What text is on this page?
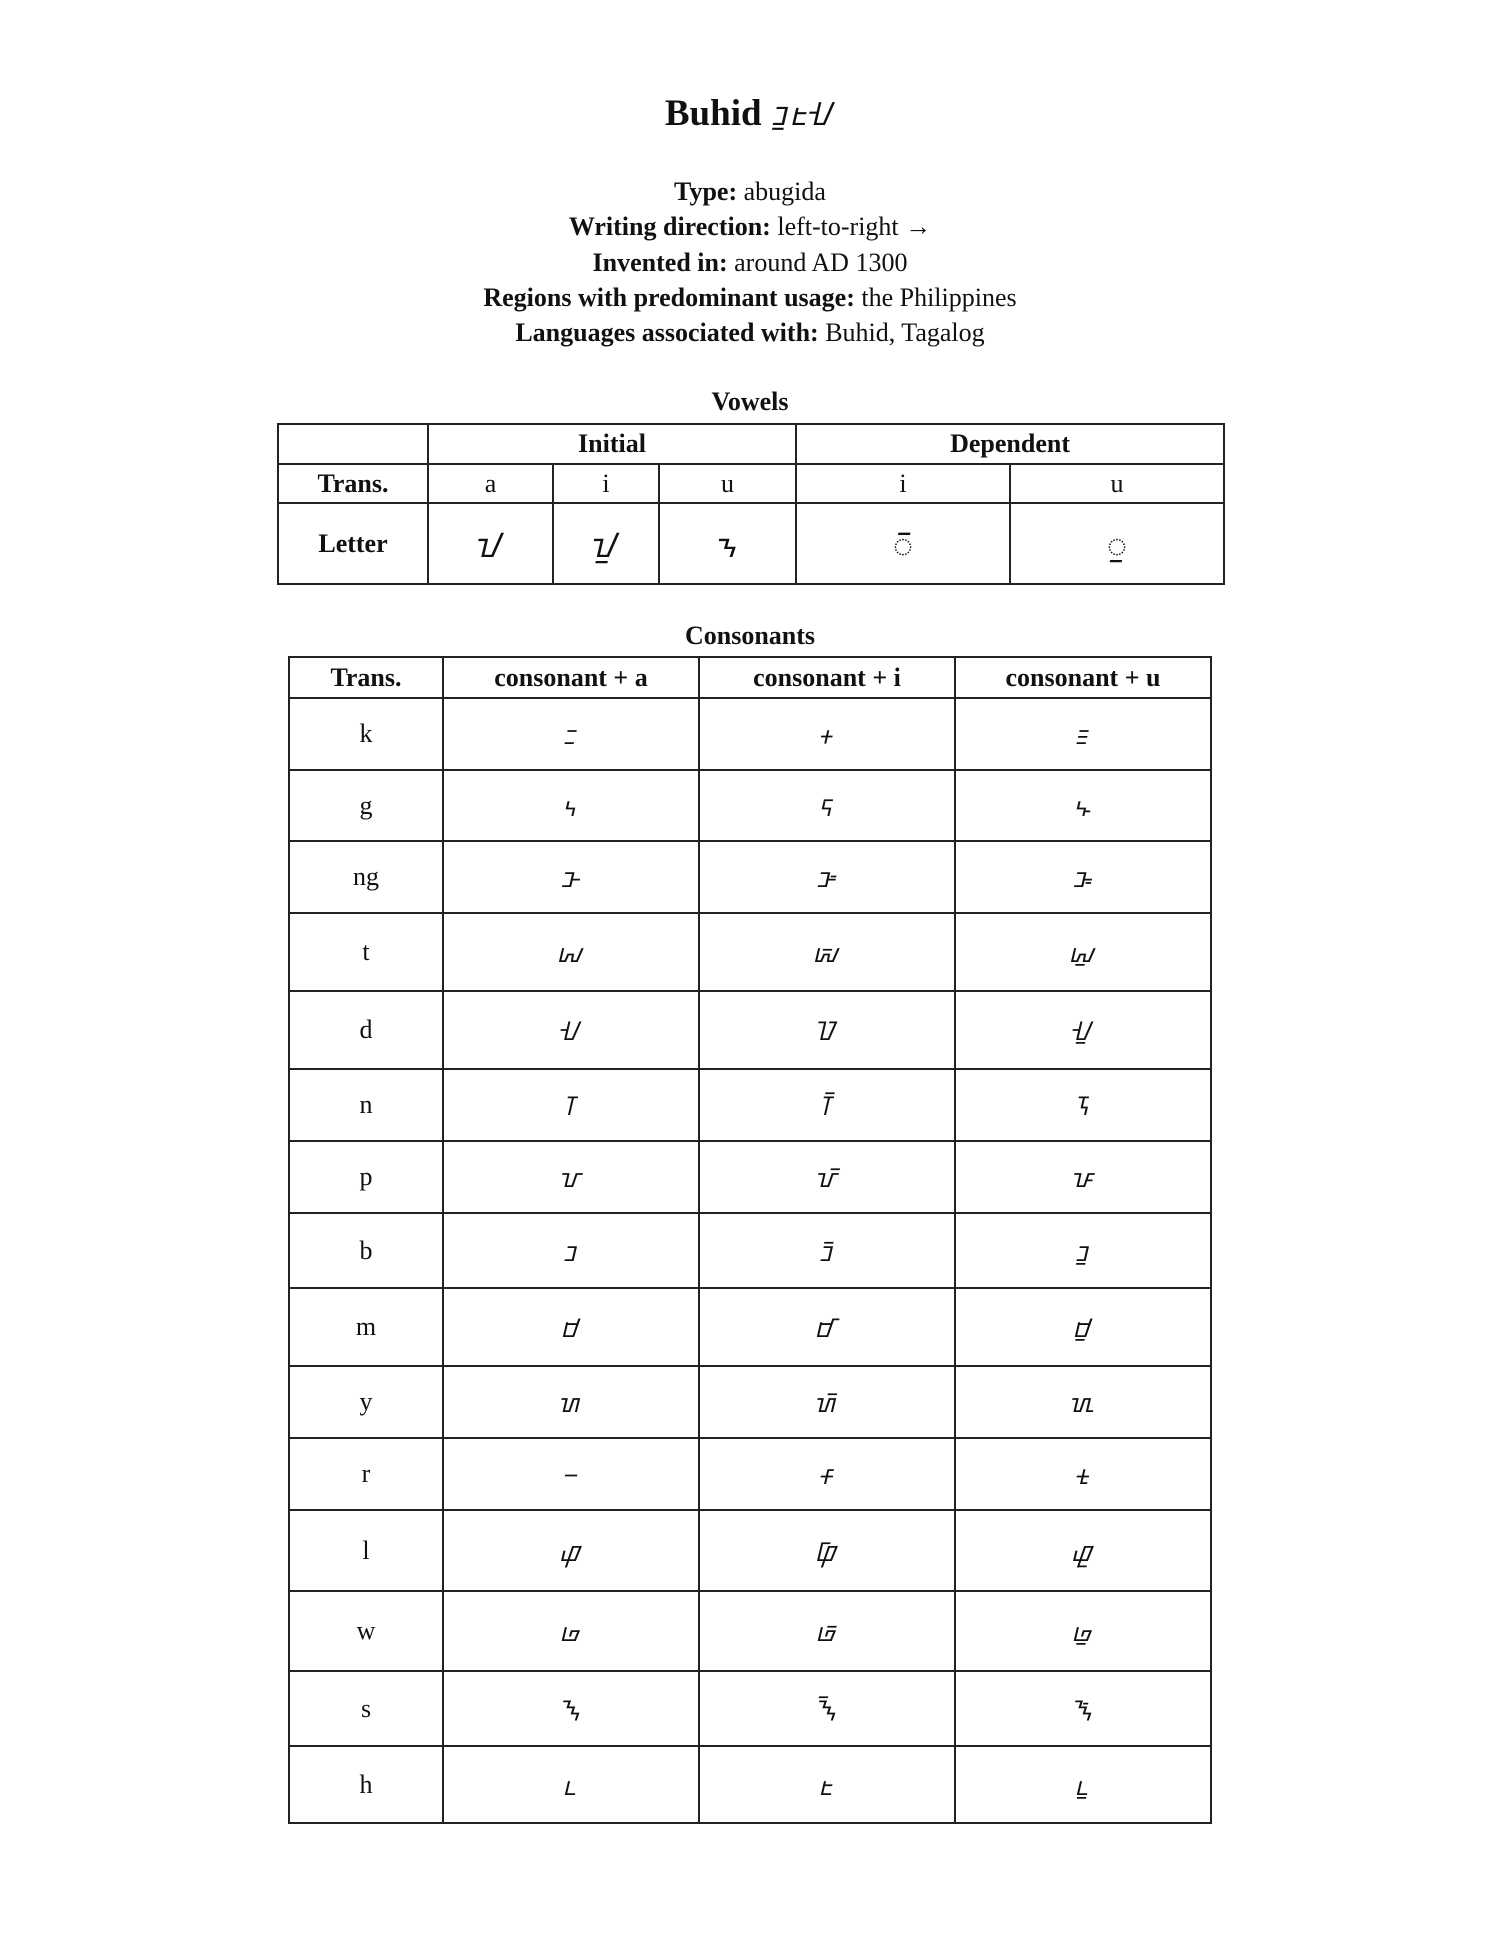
Buhid ᝊᝓᝑᝒᝇ
Type: abugida
Writing direction: left-to-right →
Invented in: around AD 1300
Regions with predominant usage: the Philippines
Languages associated with: Buhid, Tagalog
Vowels
	Initial			Dependent	
Trans.	a	i	u	i	u
Letter	ᝀ	ᝁ	ᝂ	◌ᝒ	◌ᝓ
Consonants
Trans.	consonant + a	consonant + i	consonant + u
k	ᝃ	ᝃᝒ	ᝃᝓ
g	ᝄ	ᝄᝒ	ᝄᝓ
ng	ᝅ	ᝅᝒ	ᝅᝓ
t	ᝆ	ᝆᝒ	ᝆᝓ
d	ᝇ	ᝇᝒ	ᝇᝓ
n	ᝈ	ᝈᝒ	ᝈᝓ
p	ᝉ	ᝉᝒ	ᝉᝓ
b	ᝊ	ᝊᝒ	ᝊᝓ
m	ᝋ	ᝋᝒ	ᝋᝓ
y	ᝌ	ᝌᝒ	ᝌᝓ
r	ᝍ	ᝍᝒ	ᝍᝓ
l	ᝎ	ᝎᝒ	ᝎᝓ
w	ᝏ	ᝏᝒ	ᝏᝓ
s	ᝐ	ᝐᝒ	ᝐᝓ
h	ᝑ	ᝑᝒ	ᝑᝓ
